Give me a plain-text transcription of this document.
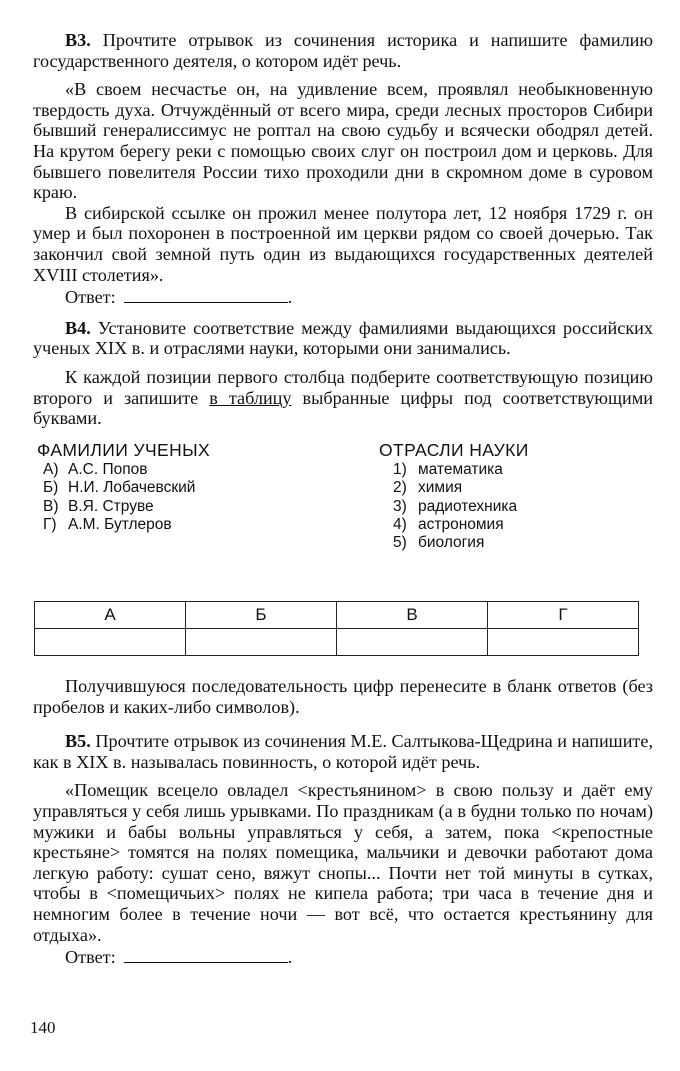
В3. Прочтите отрывок из сочинения историка и напишите фамилию государственного деятеля, о котором идёт речь.

«В своем несчастье он, на удивление всем, проявлял необыкновенную твердость духа. Отчуждённый от всего мира, среди лесных просторов Сибири бывший генералиссимус не роптал на свою судьбу и всячески ободрял детей. На крутом берегу реки с помощью своих слуг он построил дом и церковь. Для бывшего повелителя России тихо проходили дни в скромном доме в суровом краю.

В сибирской ссылке он прожил менее полутора лет, 12 ноября 1729 г. он умер и был похоронен в построенной им церкви рядом со своей дочерью. Так закончил свой земной путь один из выдающихся государственных деятелей XVIII столетия».

Ответ:	.

В4. Установите соответствие между фамилиями выдающихся российских ученых XIX в. и отраслями науки, которыми они занимались.

К каждой позиции первого столбца подберите соответствующую позицию второго и запишите в таблицу выбранные цифры под соответствующими буквами.

ФАМИЛИИ УЧЕНЫХ
А) А.С. Попов
Б) Н.И. Лобачевский
В) В.Я. Струве
Г) А.М. Бутлеров
ОТРАСЛИ НАУКИ
1) математика
2) химия
3) радиотехника
4) астрономия
5) биология
А	Б	В	Г

Получившуюся последовательность цифр перенесите в бланк ответов (без пробелов и каких-либо символов).

В5. Прочтите отрывок из сочинения М.Е. Салтыкова-Щедрина и напишите, как в XIX в. называлась повинность, о которой идёт речь.

«Помещик всецело овладел <крестьянином> в свою пользу и даёт ему управляться у себя лишь урывками. По праздникам (а в будни только по ночам) мужики и бабы вольны управляться у себя, а затем, пока <крепостные крестьяне> томятся на полях помещика, мальчики и девочки работают дома легкую работу: сушат сено, вяжут снопы... Почти нет той минуты в сутках, чтобы в <помещичьих> полях не кипела работа; три часа в течение дня и немногим более в течение ночи — вот всё, что остается крестьянину для отдыха».

Ответ:	.
140
